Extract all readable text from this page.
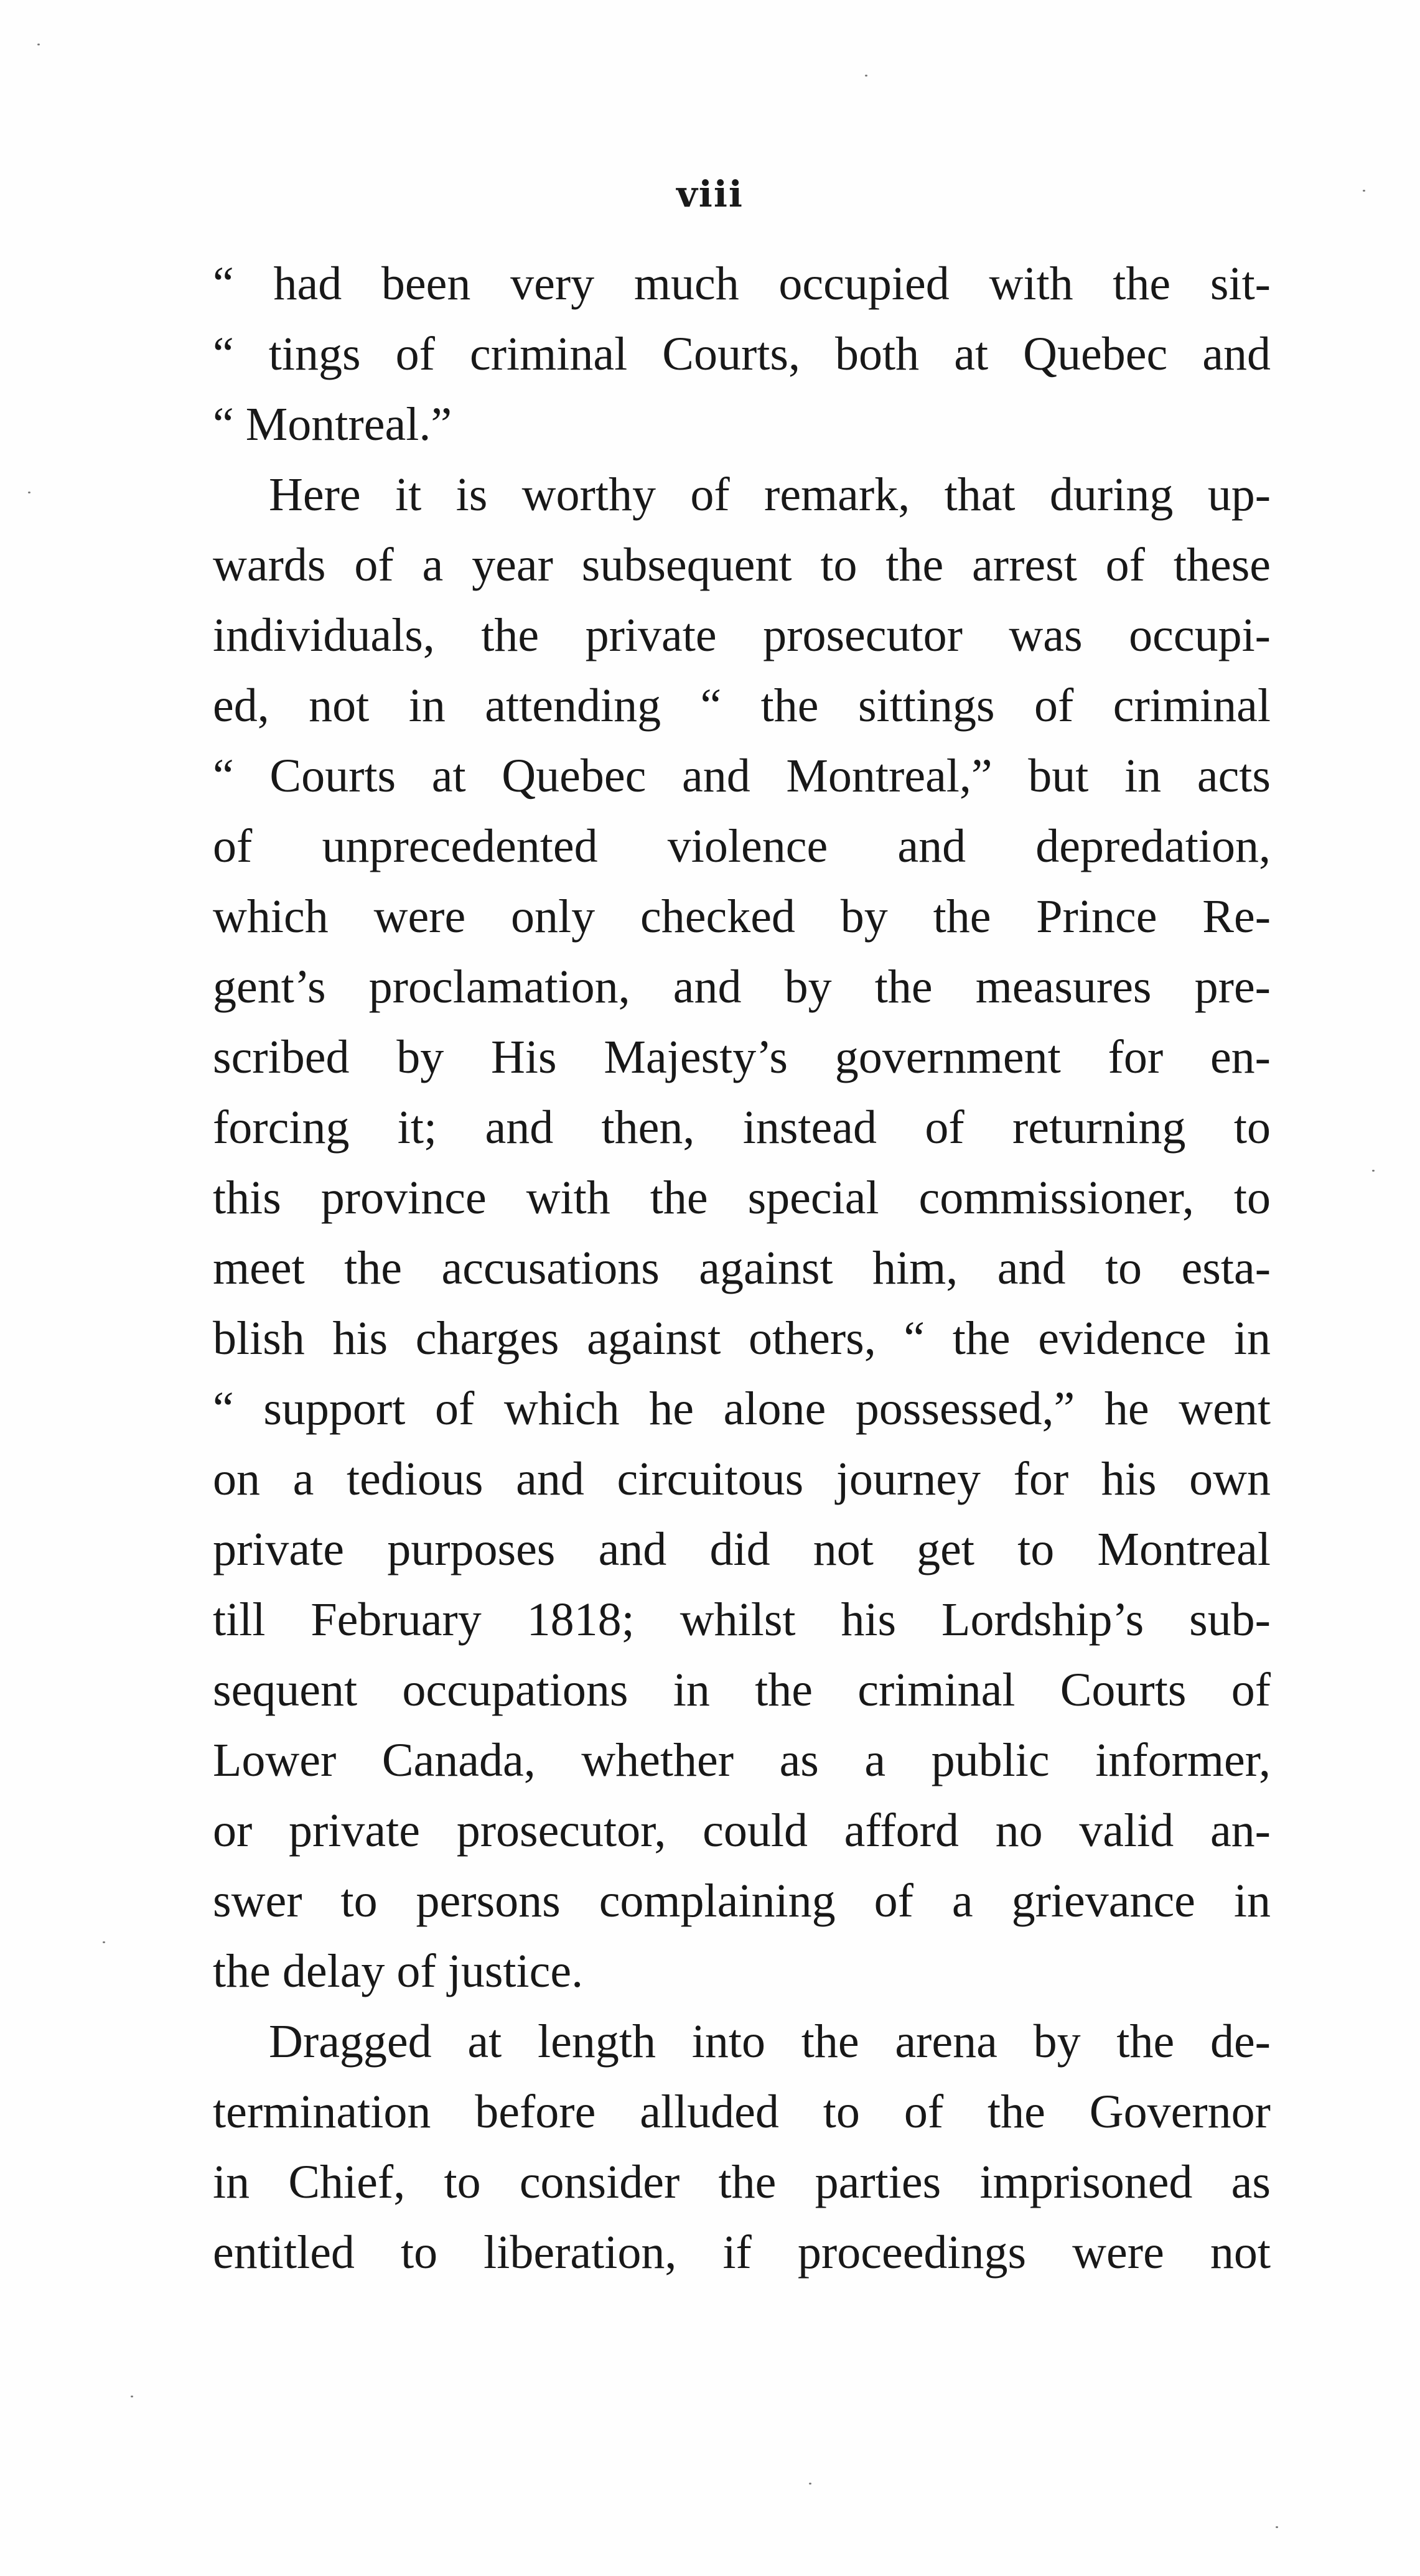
viii
“ had been very much occupied with the sit-
“ tings of criminal Courts, both at Quebec and
“ Montreal.”
Here it is worthy of remark, that during up-
wards of a year subsequent to the arrest of these
individuals, the private prosecutor was occupi-
ed, not in attending “ the sittings of criminal
“ Courts at Quebec and Montreal,” but in acts
of unprecedented violence and depredation,
which were only checked by the Prince Re-
gent’s proclamation, and by the measures pre-
scribed by His Majesty’s government for en-
forcing it; and then, instead of returning to
this province with the special commissioner, to
meet the accusations against him, and to esta-
blish his charges against others, “ the evidence in
“ support of which he alone possessed,” he went
on a tedious and circuitous journey for his own
private purposes and did not get to Montreal
till February 1818; whilst his Lordship’s sub-
sequent occupations in the criminal Courts of
Lower Canada, whether as a public informer,
or private prosecutor, could afford no valid an-
swer to persons complaining of a grievance in
the delay of justice.
Dragged at length into the arena by the de-
termination before alluded to of the Governor
in Chief, to consider the parties imprisoned as
entitled to liberation, if proceedings were not
